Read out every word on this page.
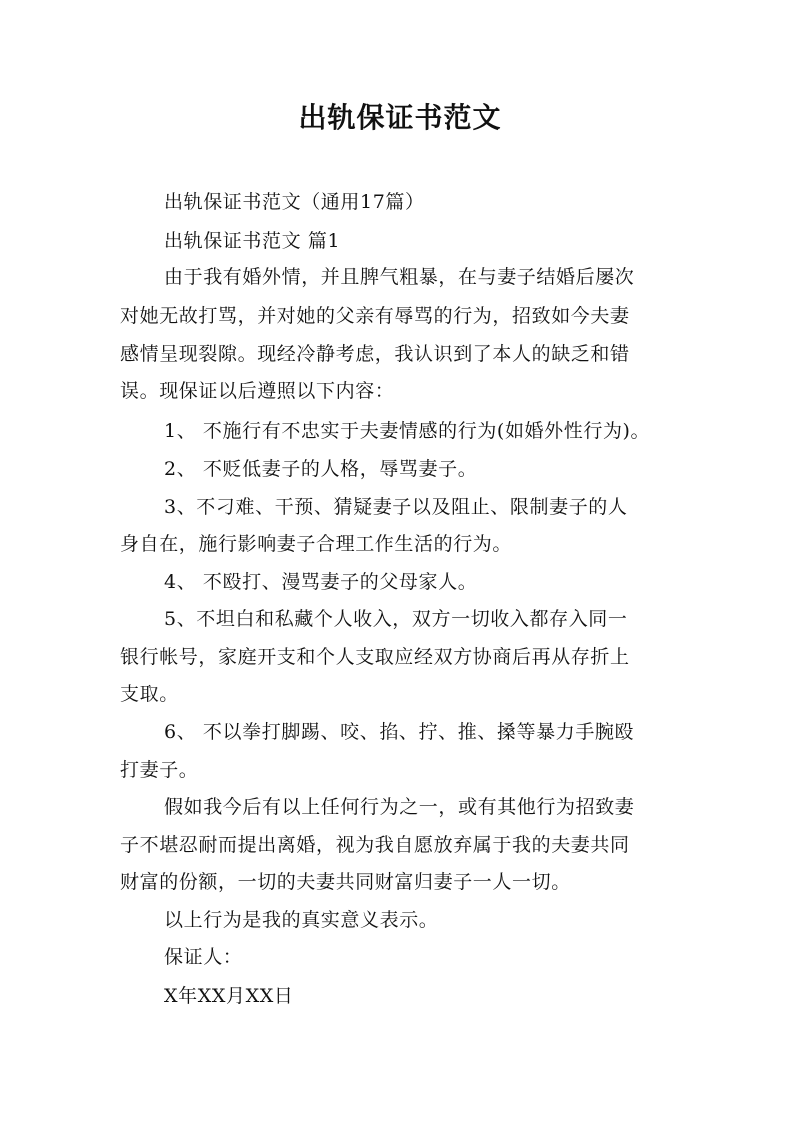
出轨保证书范文
出轨保证书范文（通用17篇）
出轨保证书范文 篇1
由于我有婚外情，并且脾气粗暴，在与妻子结婚后屡次
对她无故打骂，并对她的父亲有辱骂的行为，招致如今夫妻
感情呈现裂隙。现经冷静考虑，我认识到了本人的缺乏和错
误。现保证以后遵照以下内容：
1、 不施行有不忠实于夫妻情感的行为(如婚外性行为)。
2、 不贬低妻子的人格，辱骂妻子。
3、不刁难、干预、猜疑妻子以及阻止、限制妻子的人
身自在，施行影响妻子合理工作生活的行为。
4、 不殴打、漫骂妻子的父母家人。
5、不坦白和私藏个人收入，双方一切收入都存入同一
银行帐号，家庭开支和个人支取应经双方协商后再从存折上
支取。
6、 不以拳打脚踢、咬、掐、拧、推、搡等暴力手腕殴
打妻子。
假如我今后有以上任何行为之一，或有其他行为招致妻
子不堪忍耐而提出离婚，视为我自愿放弃属于我的夫妻共同
财富的份额，一切的夫妻共同财富归妻子一人一切。
以上行为是我的真实意义表示。
保证人：
X年XX月XX日
